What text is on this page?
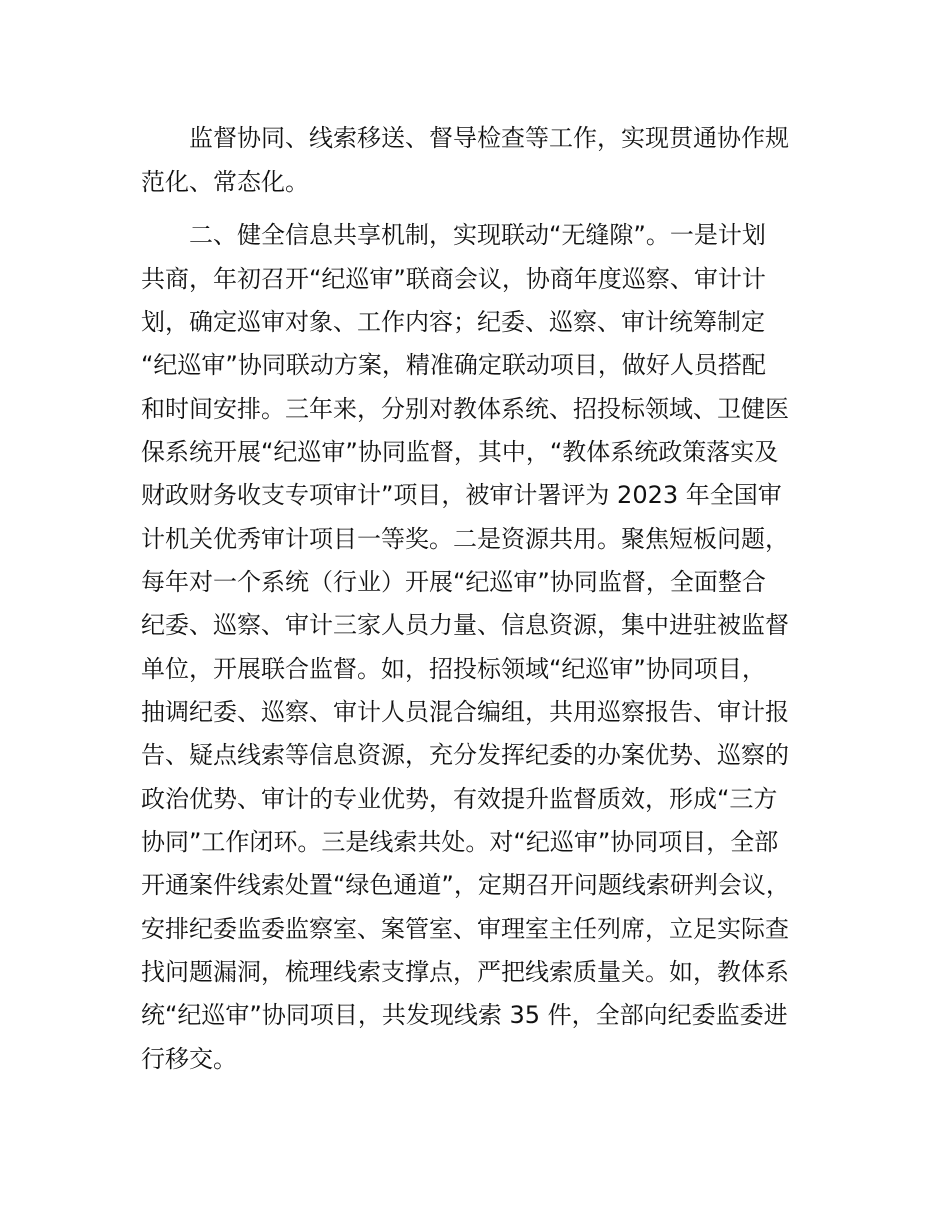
监督协同、线索移送、督导检查等工作，实现贯通协作规
范化、常态化。
二、健全信息共享机制，实现联动“无缝隙”。一是计划
共商，年初召开“纪巡审”联商会议，协商年度巡察、审计计
划，确定巡审对象、工作内容；纪委、巡察、审计统筹制定
“纪巡审”协同联动方案，精准确定联动项目，做好人员搭配
和时间安排。三年来，分别对教体系统、招投标领域、卫健医
保系统开展“纪巡审”协同监督，其中，“教体系统政策落实及
财政财务收支专项审计”项目，被审计署评为 2023 年全国审
计机关优秀审计项目一等奖。二是资源共用。聚焦短板问题，
每年对一个系统（行业）开展“纪巡审”协同监督，全面整合
纪委、巡察、审计三家人员力量、信息资源，集中进驻被监督
单位，开展联合监督。如，招投标领域“纪巡审”协同项目，
抽调纪委、巡察、审计人员混合编组，共用巡察报告、审计报
告、疑点线索等信息资源，充分发挥纪委的办案优势、巡察的
政治优势、审计的专业优势，有效提升监督质效，形成“三方
协同”工作闭环。三是线索共处。对“纪巡审”协同项目，全部
开通案件线索处置“绿色通道”，定期召开问题线索研判会议，
安排纪委监委监察室、案管室、审理室主任列席，立足实际查
找问题漏洞，梳理线索支撑点，严把线索质量关。如，教体系
统“纪巡审”协同项目，共发现线索 35 件，全部向纪委监委进
行移交。
